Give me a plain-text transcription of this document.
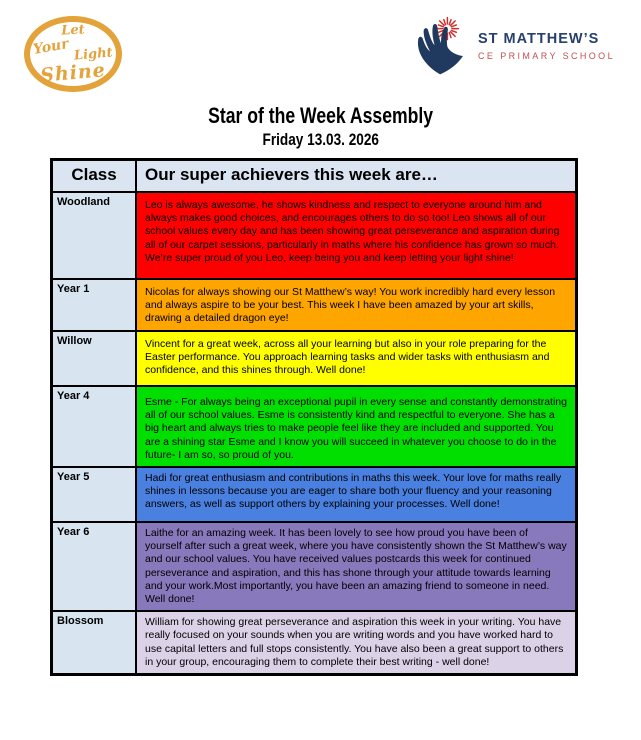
Let
Your Light
Shine
ST MATTHEW’S
CE PRIMARY SCHOOL
Star of the Week Assembly
Friday 13.03. 2026
Class	Our super achievers this week are…
Woodland	Leo is always awesome, he shows kindness and respect to everyone around him and always makes good choices, and encourages others to do so too! Leo shows all of our school values every day and has been showing great perseverance and aspiration during all of our carpet sessions, particularly in maths where his confidence has grown so much. We’re super proud of you Leo, keep being you and keep letting your light shine!
Year 1	Nicolas for always showing our St Matthew’s way! You work incredibly hard every lesson and always aspire to be your best. This week I have been amazed by your art skills, drawing a detailed dragon eye!
Willow	Vincent for a great week, across all your learning but also in your role preparing for the Easter performance. You approach learning tasks and wider tasks with enthusiasm and confidence, and this shines through. Well done!
Year 4	Esme - For always being an exceptional pupil in every sense and constantly demonstrating all of our school values. Esme is consistently kind and respectful to everyone. She has a big heart and always tries to make people feel like they are included and supported. You are a shining star Esme and I know you will succeed in whatever you choose to do in the future- I am so, so proud of you.
Year 5	Hadi for great enthusiasm and contributions in maths this week. Your love for maths really shines in lessons because you are eager to share both your fluency and your reasoning answers, as well as support others by explaining your processes. Well done!
Year 6	Laithe for an amazing week. It has been lovely to see how proud you have been of yourself after such a great week, where you have consistently shown the St Matthew’s way and our school values. You have received values postcards this week for continued perseverance and aspiration, and this has shone through your attitude towards learning and your work.Most importantly, you have been an amazing friend to someone in need. Well done!
Blossom	William for showing great perseverance and aspiration this week in your writing. You have really focused on your sounds when you are writing words and you have worked hard to use capital letters and full stops consistently. You have also been a great support to others in your group, encouraging them to complete their best writing - well done!
